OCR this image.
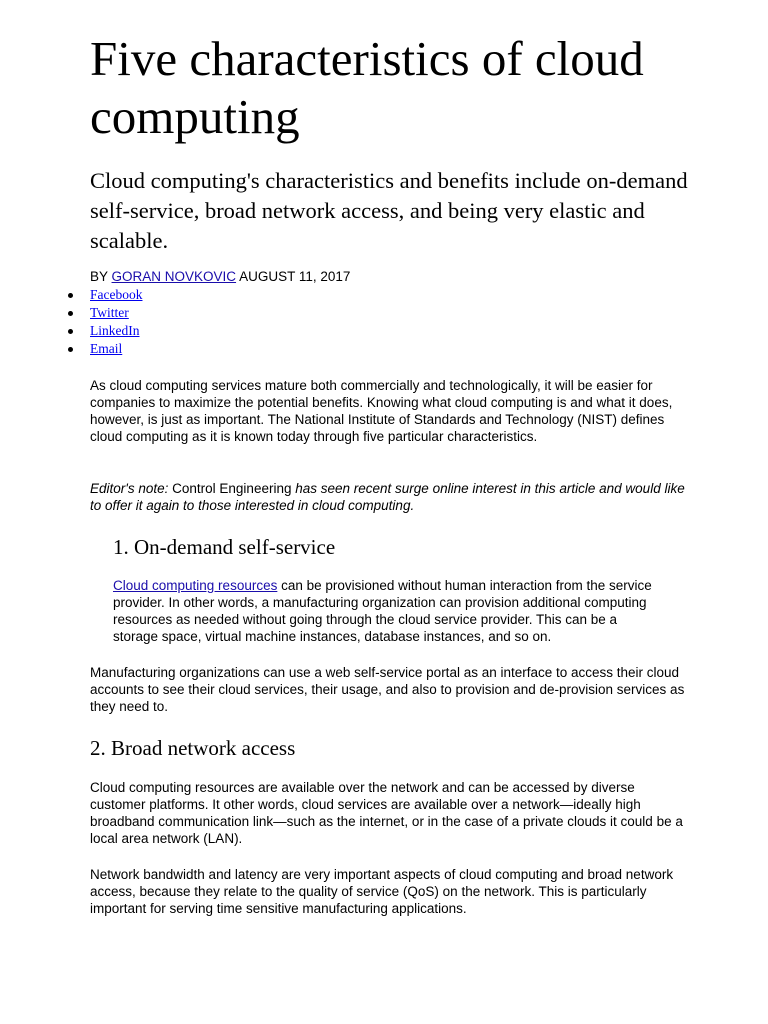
Five characteristics of cloud computing

Cloud computing's characteristics and benefits include on-demand self-service, broad network access, and being very elastic and scalable.

BY GORAN NOVKOVIC AUGUST 11, 2017

Facebook
Twitter
LinkedIn
Email

As cloud computing services mature both commercially and technologically, it will be easier for companies to maximize the potential benefits. Knowing what cloud computing is and what it does, however, is just as important. The National Institute of Standards and Technology (NIST) defines cloud computing as it is known today through five particular characteristics.

Editor's note: Control Engineering has seen recent surge online interest in this article and would like to offer it again to those interested in cloud computing.

1. On-demand self-service

Cloud computing resources can be provisioned without human interaction from the service provider. In other words, a manufacturing organization can provision additional computing resources as needed without going through the cloud service provider. This can be a storage space, virtual machine instances, database instances, and so on.

Manufacturing organizations can use a web self-service portal as an interface to access their cloud accounts to see their cloud services, their usage, and also to provision and de-provision services as they need to.

2. Broad network access

Cloud computing resources are available over the network and can be accessed by diverse customer platforms. It other words, cloud services are available over a network—ideally high broadband communication link—such as the internet, or in the case of a private clouds it could be a local area network (LAN).

Network bandwidth and latency are very important aspects of cloud computing and broad network access, because they relate to the quality of service (QoS) on the network. This is particularly important for serving time sensitive manufacturing applications.
